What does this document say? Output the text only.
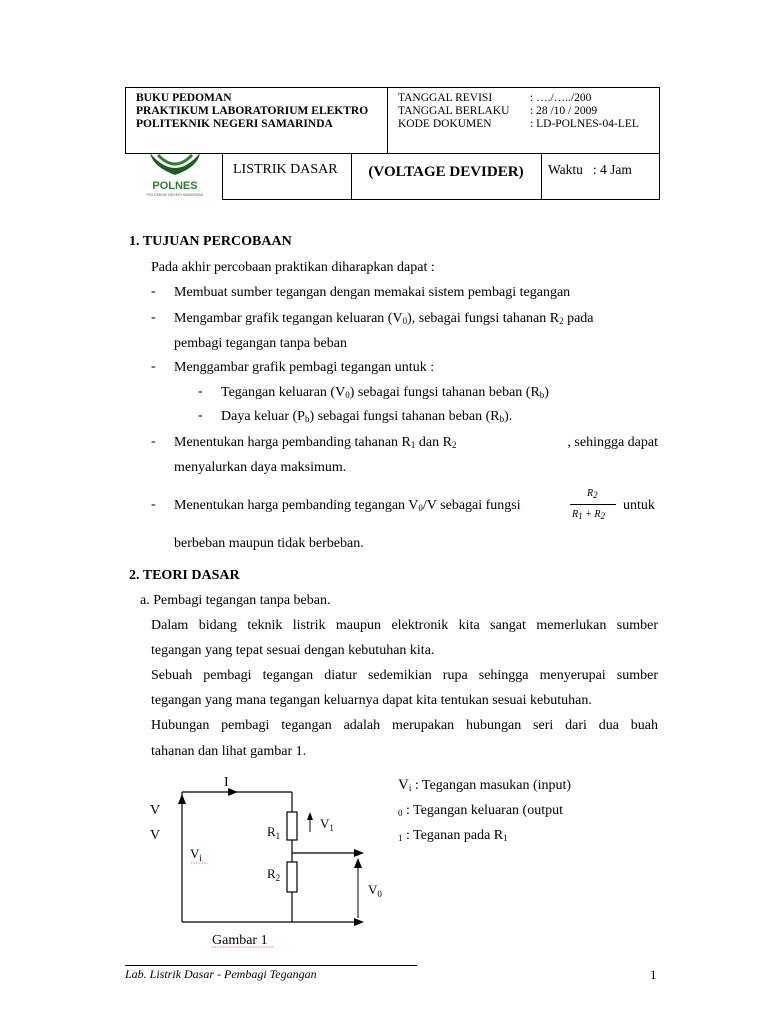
BUKU PEDOMAN
PRAKTIKUM LABORATORIUM ELEKTRO
POLITEKNIK NEGERI SAMARINDA
TANGGAL REVISI	: …./…../200
TANGGAL BERLAKU	: 28 /10 / 2009
KODE DOKUMEN	: LD-POLNES-04-LEL
POLNES
POLITEKNIK NEGERI SAMARINDA
LISTRIK DASAR	(VOLTAGE DEVIDER)	Waktu : 4 Jam
1. TUJUAN PERCOBAAN
Pada akhir percobaan praktikan diharapkan dapat :
- Membuat sumber tegangan dengan memakai sistem pembagi tegangan
- Mengambar grafik tegangan keluaran $(V_0)$, sebagai fungsi tahanan $R_2$ pada
pembagi tegangan tanpa beban
- Menggambar grafik pembagi tegangan untuk :
- Tegangan keluaran $(V_0)$ sebagai fungsi tahanan beban $(R_b)$
- Daya keluar $(P_b)$ sebagai fungsi tahanan beban $(R_b)$.
- Menentukan harga pembanding tahanan $R_1$ dan $R_2$	, sehingga dapat
menyalurkan daya maksimum.
- Menentukan harga pembanding tegangan $V_0/V$ sebagai fungsi
$R_2$
$R_1 + R_2$
untuk
berbeban maupun tidak berbeban.
2. TEORI DASAR
a. Pembagi tegangan tanpa beban.
Dalam bidang teknik listrik maupun elektronik kita sangat memerlukan sumber
tegangan yang tepat sesuai dengan kebutuhan kita.
Sebuah pembagi tegangan diatur sedemikian rupa sehingga menyerupai sumber
tegangan yang mana tegangan keluarnya dapat kita tentukan sesuai kebutuhan.
Hubungan pembagi tegangan adalah merupakan hubungan seri dari dua buah
tahanan dan lihat gambar 1.
V
V
I
$V_i$
$R_1$
$R_2$
$V_1$
$V_0$
Gambar 1
$V_i$ : Tegangan masukan (input)
$_0$ : Tegangan keluaran (output
$_1$ : Teganan pada $R_1$
Lab. Listrik Dasar - Pembagi Tegangan	1
